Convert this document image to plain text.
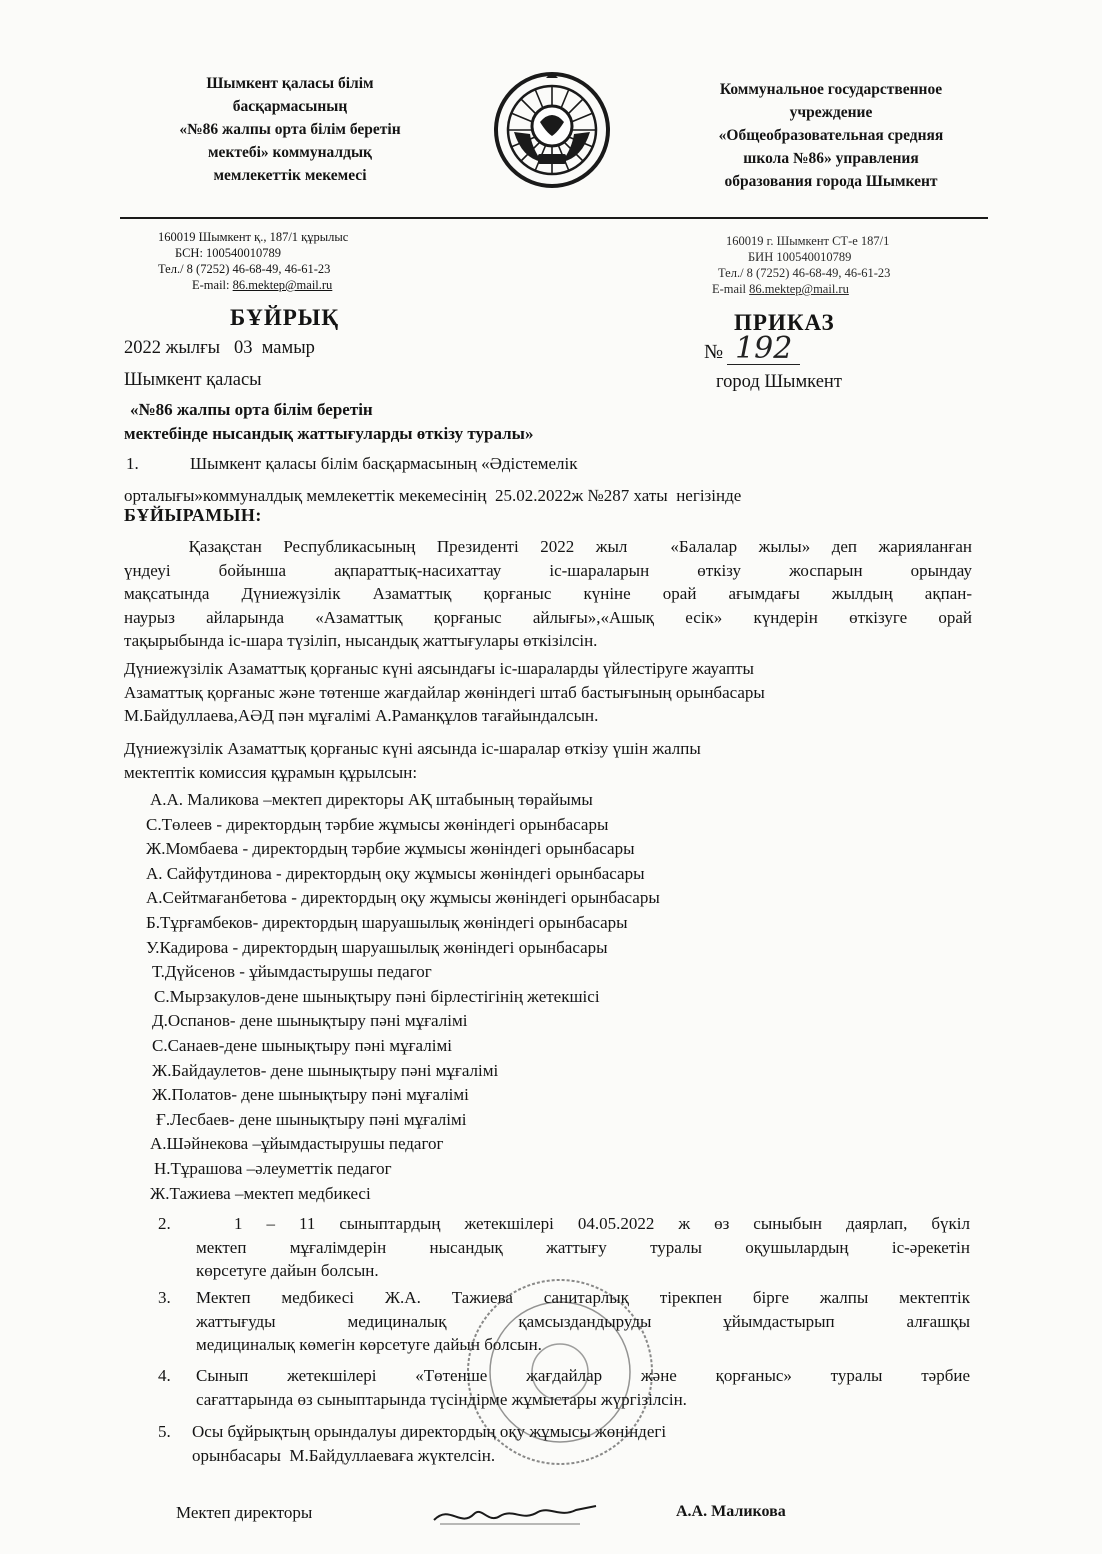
Шымкент қаласы білім
басқармасының
«№86 жалпы орта білім беретін
мектебі» коммуналдық
мемлекеттік мекемесі
Коммунальное государственное
учреждение
«Общеобразовательная средняя
школа №86» управления
образования города Шымкент
160019 Шымкент қ., 187/1 құрылыс
БСН: 100540010789
Тел./ 8 (7252) 46-68-49, 46-61-23
E-mail: 86.mektep@mail.ru
160019 г. Шымкент СТ-е 187/1
БИН 100540010789
Тел./ 8 (7252) 46-68-49, 46-61-23
E-mail 86.mektep@mail.ru
БҰЙРЫҚ	ПРИКАЗ
2022 жылғы   03  мамыр	№ 192
Шымкент қаласы	город Шымкент
«№86 жалпы орта білім беретін
мектебінде нысандық жаттығуларды өткізу туралы»
1.	Шымкент қаласы білім басқармасының «Әдістемелік
орталығы»коммуналдық мемлекеттік мекемесінің  25.02.2022ж №287 хаты  негізінде
БҰЙЫРАМЫН:
Қазақстан Республикасының Президенті 2022 жыл  «Балалар жылы» деп жарияланған
үндеуі бойынша ақпараттық-насихаттау іс-шараларын өткізу жоспарын орындау
мақсатында Дүниежүзілік Азаматтық қорғаныс күніне орай ағымдағы жылдың ақпан-
наурыз айларында «Азаматтық қорғаныс айлығы»,«Ашық есік» күндерін өткізуге орай
тақырыбында іс-шара түзіліп, нысандық жаттығулары өткізілсін.
Дүниежүзілік Азаматтық қорғаныс күні аясындағы іс-шараларды үйлестіруге жауапты
Азаматтық қорғаныс және төтенше жағдайлар жөніндегі штаб бастығының орынбасары
М.Байдуллаева,АӘД пән мұғалімі А.Раманқұлов тағайындалсын.
Дүниежүзілік Азаматтық қорғаныс күні аясында іс-шаралар өткізу үшін жалпы
мектептік комиссия құрамын құрылсын:
А.А. Маликова –мектеп директоры АҚ штабының төрайымы
С.Төлеев - директордың тәрбие жұмысы жөніндегі орынбасары
Ж.Момбаева - директордың тәрбие жұмысы жөніндегі орынбасары
А. Сайфутдинова - директордың оқу жұмысы жөніндегі орынбасары
А.Сейтмағанбетова - директордың оқу жұмысы жөніндегі орынбасары
Б.Тұрғамбеков- директордың шаруашылық жөніндегі орынбасары
У.Кадирова - директордың шаруашылық жөніндегі орынбасары
Т.Дүйсенов - ұйымдастырушы педагог
С.Мырзакулов-дене шынықтыру пәні бірлестігінің жетекшісі
Д.Оспанов- дене шынықтыру пәні мұғалімі
С.Санаев-дене шынықтыру пәні мұғалімі
Ж.Байдаулетов- дене шынықтыру пәні мұғалімі
Ж.Полатов- дене шынықтыру пәні мұғалімі
Ғ.Лесбаев- дене шынықтыру пәні мұғалімі
А.Шәйнекова –ұйымдастырушы педагог
Н.Тұрашова –әлеуметтік педагог
Ж.Тажиева –мектеп медбикесі
2.  1 – 11 сыныптардың жетекшілері 04.05.2022 ж өз сыныбын даярлап, бүкіл
мектеп мұғалімдерін нысандық жаттығу туралы оқушылардың іс-әрекетін
көрсетуге дайын болсын.
3. Мектеп медбикесі Ж.А. Тажиева санитарлық тірекпен бірге жалпы мектептік
жаттығуды медициналық қамсыздандыруды ұйымдастырып алғашқы
медициналық көмегін көрсетуге дайын болсын.
4. Сынып жетекшілері «Төтенше жағдайлар және қорғаныс» туралы тәрбие
сағаттарында өз сыныптарында түсіндірме жұмыстары жүргізілсін.
5. Осы бұйрықтың орындалуы директордың оқу жұмысы жөніндегі
орынбасары  М.Байдуллаеваға жүктелсін.
Мектеп директоры	А.А. Маликова
